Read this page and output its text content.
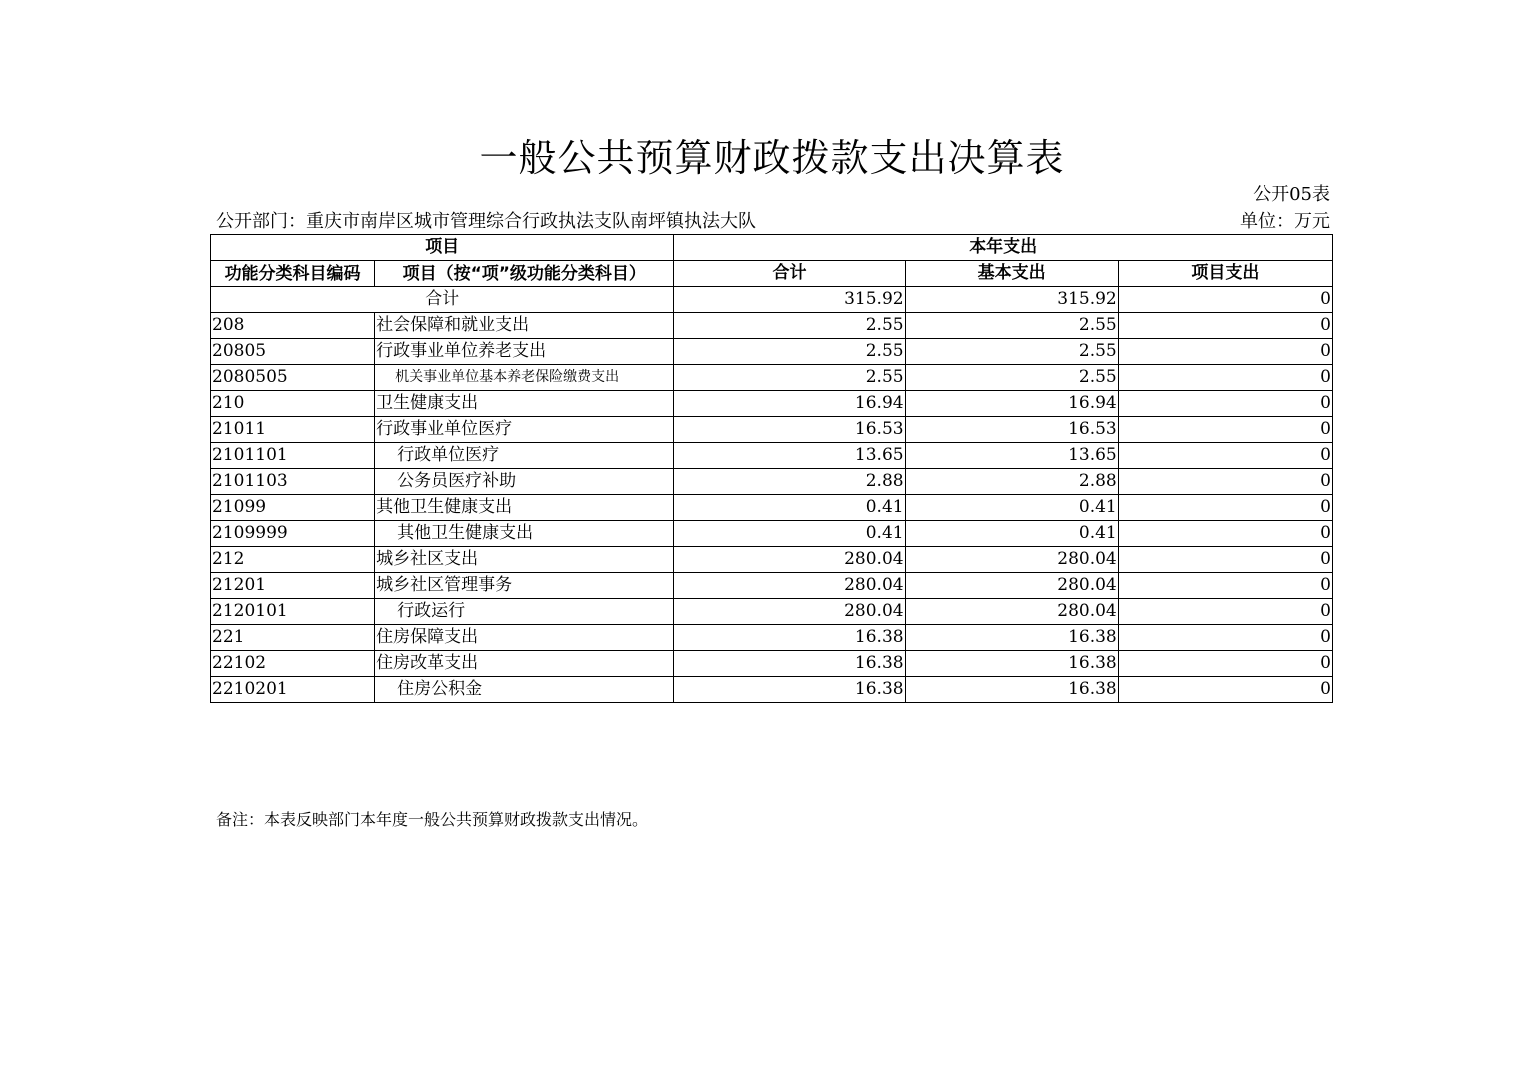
一般公共预算财政拨款支出决算表
公开05表
公开部门：重庆市南岸区城市管理综合行政执法支队南坪镇执法大队	单位：万元
项目		本年支出		
功能分类科目编码	项目（按“项”级功能分类科目）	合计	基本支出	项目支出
合计		315.92	315.92	0
208	社会保障和就业支出	2.55	2.55	0
20805	行政事业单位养老支出	2.55	2.55	0
2080505	机关事业单位基本养老保险缴费支出	2.55	2.55	0
210	卫生健康支出	16.94	16.94	0
21011	行政事业单位医疗	16.53	16.53	0
2101101	行政单位医疗	13.65	13.65	0
2101103	公务员医疗补助	2.88	2.88	0
21099	其他卫生健康支出	0.41	0.41	0
2109999	其他卫生健康支出	0.41	0.41	0
212	城乡社区支出	280.04	280.04	0
21201	城乡社区管理事务	280.04	280.04	0
2120101	行政运行	280.04	280.04	0
221	住房保障支出	16.38	16.38	0
22102	住房改革支出	16.38	16.38	0
2210201	住房公积金	16.38	16.38	0
备注：本表反映部门本年度一般公共预算财政拨款支出情况。
